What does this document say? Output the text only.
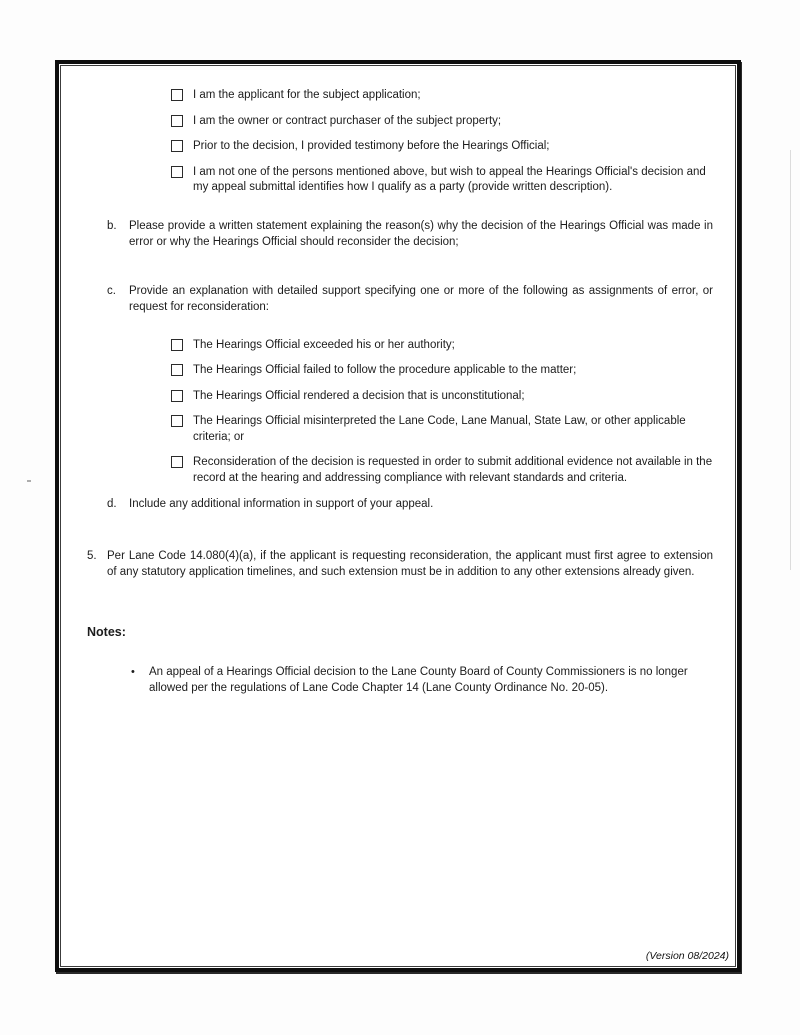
I am the applicant for the subject application;
I am the owner or contract purchaser of the subject property;
Prior to the decision, I provided testimony before the Hearings Official;
I am not one of the persons mentioned above, but wish to appeal the Hearings Official's decision and my appeal submittal identifies how I qualify as a party (provide written description).
b.	Please provide a written statement explaining the reason(s) why the decision of the Hearings Official was made in error or why the Hearings Official should reconsider the decision;

c.	Provide an explanation with detailed support specifying one or more of the following as assignments of error, or request for reconsideration:

The Hearings Official exceeded his or her authority;
The Hearings Official failed to follow the procedure applicable to the matter;
The Hearings Official rendered a decision that is unconstitutional;
The Hearings Official misinterpreted the Lane Code, Lane Manual, State Law, or other applicable criteria; or
Reconsideration of the decision is requested in order to submit additional evidence not available in the record at the hearing and addressing compliance with relevant standards and criteria.
d.	Include any additional information in support of your appeal.

5. Per Lane Code 14.080(4)(a), if the applicant is requesting reconsideration, the applicant must first agree to extension of any statutory application timelines, and such extension must be in addition to any other extensions already given.

Notes:
•	An appeal of a Hearings Official decision to the Lane County Board of County Commissioners is no longer allowed per the regulations of Lane Code Chapter 14 (Lane County Ordinance No. 20-05).

(Version 08/2024)
